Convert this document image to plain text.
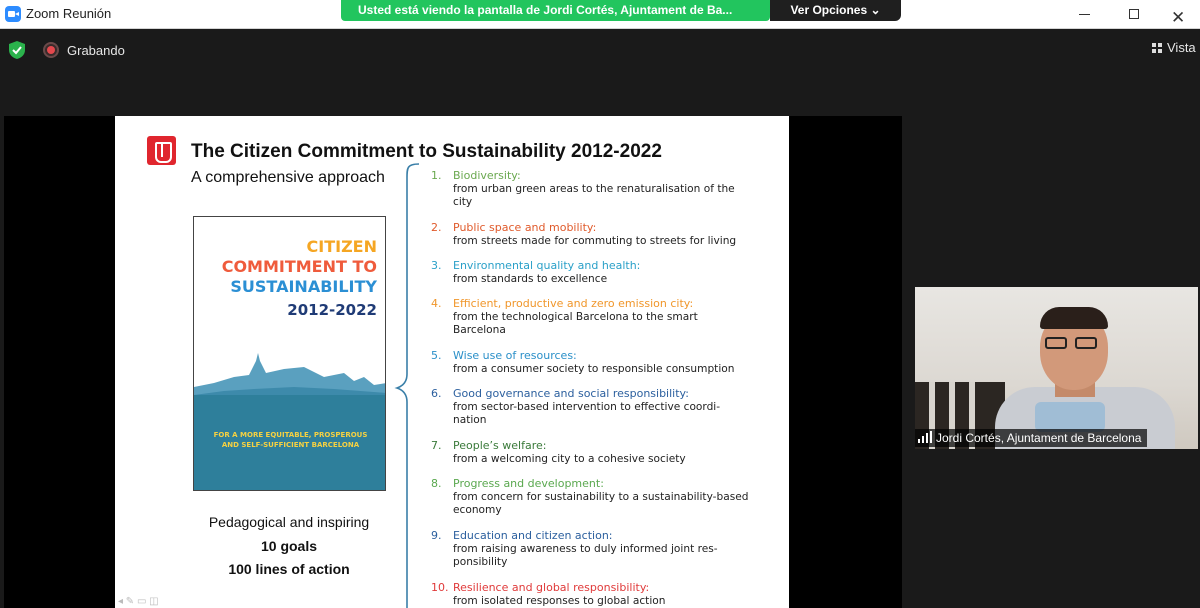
Zoom Reunión	Usted está viendo la pantalla de Jordi Cortés, Ajuntament de Ba...	Ver Opciones ⌄	✕
Grabando	Vista
The Citizen Commitment to Sustainability 2012-2022
A comprehensive approach
CITIZEN
COMMITMENT TO
SUSTAINABILITY
2012-2022
FOR A MORE EQUITABLE, PROSPEROUS
AND SELF-SUFFICIENT BARCELONA
Pedagogical and inspiring
10 goals
100 lines of action
1.	Biodiversity:
from urban green areas to the renaturalisation of the city
2.	Public space and mobility:
from streets made for commuting to streets for living
3.	Environmental quality and health:
from standards to excellence
4.	Efficient, productive and zero emission city:
from the technological Barcelona to the smart Barcelona
5.	Wise use of resources:
from a consumer society to responsible consumption
6.	Good governance and social responsibility:
from sector-based intervention to effective coordi-nation
7.	People’s welfare:
from a welcoming city to a cohesive society
8.	Progress and development:
from concern for sustainability to a sustainability-based economy
9.	Education and citizen action:
from raising awareness to duly informed joint res-ponsibility
10. Resilience and global responsibility:
from isolated responses to global action
◂ ✎ ▭ ◫
Jordi Cortés, Ajuntament de Barcelona
